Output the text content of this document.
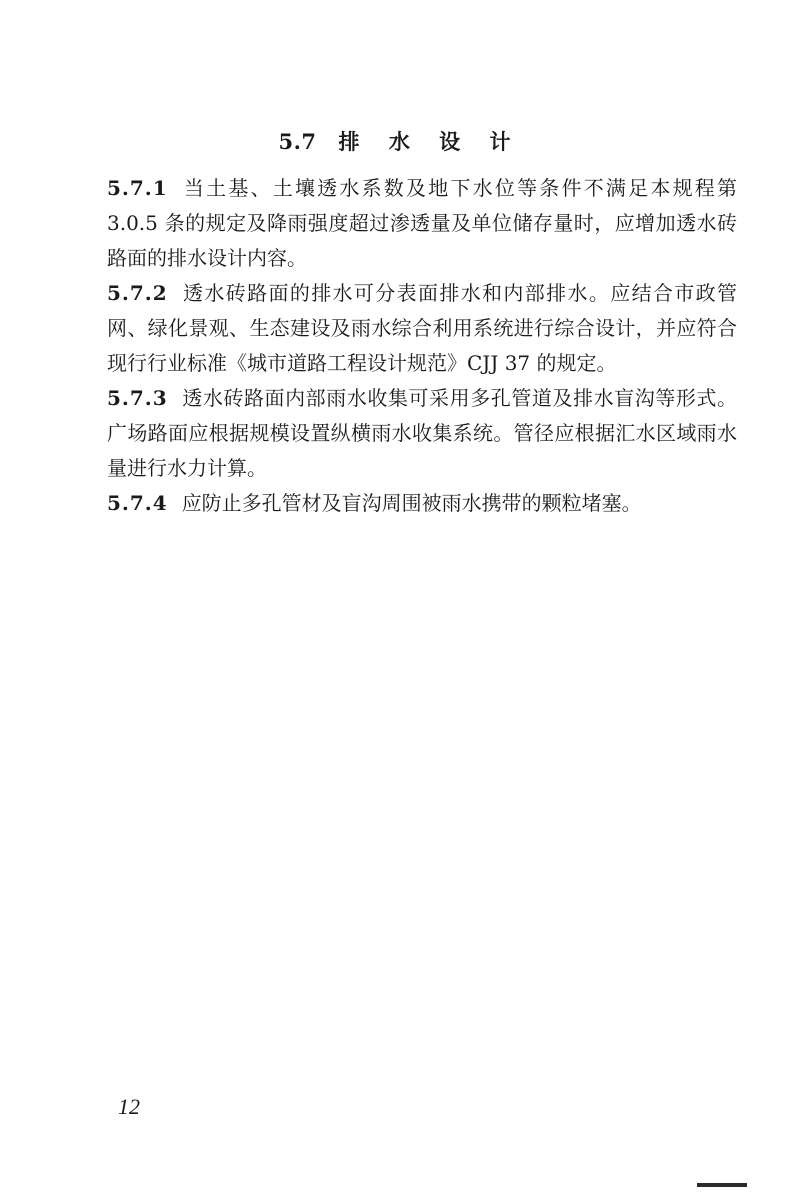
5.7 排 水 设 计

5.7.1 当土基、土壤透水系数及地下水位等条件不满足本规程第 3.0.5 条的规定及降雨强度超过渗透量及单位储存量时，应增加透水砖路面的排水设计内容。

5.7.2 透水砖路面的排水可分表面排水和内部排水。应结合市政管网、绿化景观、生态建设及雨水综合利用系统进行综合设计，并应符合现行行业标准《城市道路工程设计规范》CJJ 37 的规定。

5.7.3 透水砖路面内部雨水收集可采用多孔管道及排水盲沟等形式。广场路面应根据规模设置纵横雨水收集系统。管径应根据汇水区域雨水量进行水力计算。

5.7.4 应防止多孔管材及盲沟周围被雨水携带的颗粒堵塞。

12
